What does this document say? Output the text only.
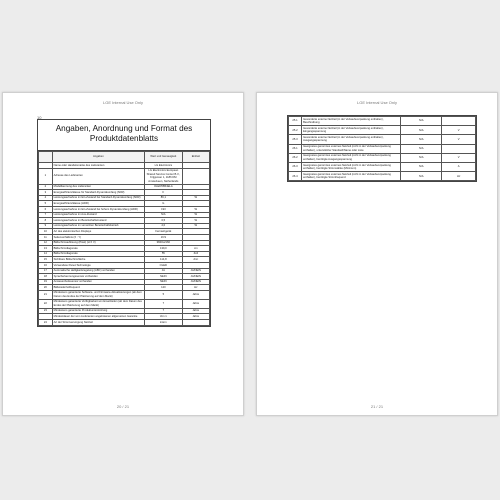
LGE Internal Use Only
10
Angaben, Anordnung und Format des Produktdatenblatts
	Angaben	Wert und Genauigkeit	Einheit
	Name oder Handelsmarke des Lieferanten	LG Electronics	
1	Adresse des Lieferanten	LG Electronics European Shared Service Center B.V., Krijgsman 1, 1186 DM Amstelveen, Netherlands	
2	Modellkennung des Lieferanten	OLED55B4ELA	
3	Energieeffizienzklasse für Standard-Dynamikumfang (SDR)	F	
4	Leistungsaufnahme im Ein-Zustand bei Standard-Dynamikumfang (SDR)	86,1	W
5	Energieeffizienzklasse (HDR)	G	
6	Leistungsaufnahme im Ein-Zustand bei hohem Dynamikumfang (HDR)	193	W
7	Leistungsaufnahme im Aus-Zustand	N/A	W
8	Leistungsaufnahme im Bereitschaftszustand	0,5	W
9	Leistungsaufnahme im vernetzten Bereitschaftsbetrieb	2,0	W
10	Art des elektronischen Displays	Fernsehgerät	
11	Seitenverhältnis (X : Y)	16:9	
12	Bildschirmauflösung (Pixel) (H X V)	3840x2160	
13	Bildschirmdiagonale	139,0	cm
14	Bildschirmdiagonale	55	Zoll
15	Sichtbare Bildschirmfläche	114,8	dm²
16	Verwendete Panel-Technologie	OLED	
17	Automatische Helligkeitsregelung (ABC) vorhanden	JA	JA/NEIN
18	Spracherkennungssensor vorhanden	NEIN	JA/NEIN
19	Anwesenheitssensor vorhanden	NEIN	JA/NEIN
20	Bildwiederholfrequenz	120	Hz
21	Mindestens garantierte Software- und Firmware-Aktualisierungen (ab dem Datum des Endes der Platzierung auf dem Markt)	5	Jahre
22	Mindestens garantierte Verfügbarkeit von Ersatzteilen (ab dem Datum des Endes der Platzierung auf dem Markt)	7	Jahre
23	Mindestens garantierte Produktunterstützung	7	Jahre
	Mindestdauer der vom Lieferanten angebotenen allgemeinen Garantie	Von 1	Jahre
24	Art der Stromversorgung Netzteil	intern	
20 / 21
LGE Internal Use Only
25.1	Gesonderte externe Netzteil (in der Verkaufsverpackung enthalten), Beschreibung	N/A	
25.2	Gesonderte externe Netzteil (in der Verkaufsverpackung enthalten), Eingangsspannung	N/A	V
25.3	Gesonderte externe Netzteil (in der Verkaufsverpackung enthalten), Ausgangsspannung	N/A	V
26.1	Geeignetes genormtes externes Netzteil (nicht in der Verkaufsverpackung enthalten), unterstützter Standard/Name oder Liste	N/A	
26.2	Geeignetes genormtes externes Netzteil (nicht in der Verkaufsverpackung enthalten), benötigte Ausgangsspannung	N/A	V
26.3	Geeignetes genormtes externes Netzteil (nicht in der Verkaufsverpackung enthalten), benötigte Stromstärke (Minimum)	N/A	A
26.4	Geeignetes genormtes externes Netzteil (nicht in der Verkaufsverpackung enthalten), benötigte Stromfrequenz	N/A	Hz
21 / 21
